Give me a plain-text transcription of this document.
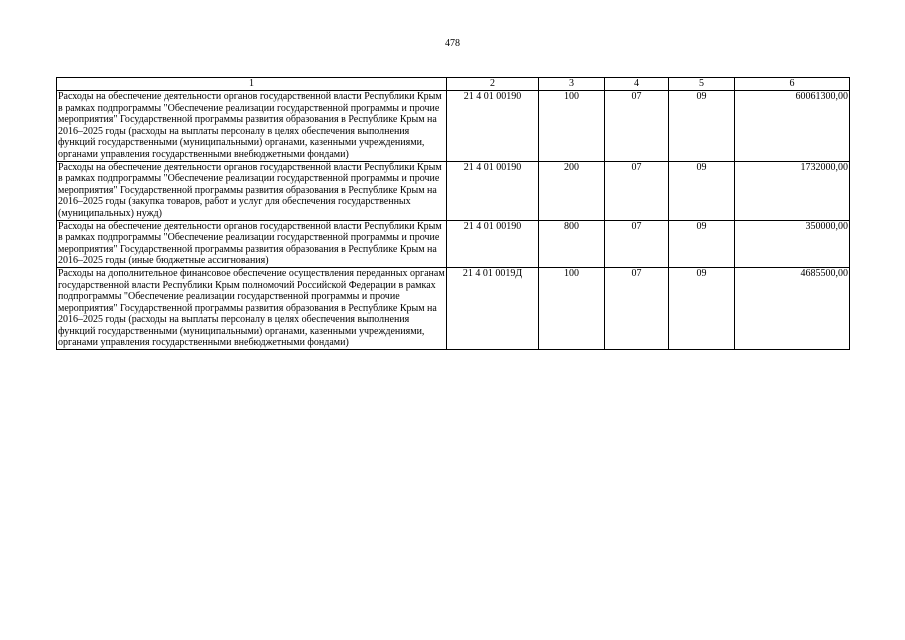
478
1	2	3	4	5	6
Расходы на обеспечение деятельности органов государственной власти Республики Крым в рамках подпрограммы "Обеспечение реализации государственной программы и прочие мероприятия" Государственной программы развития образования в Республике Крым на 2016–2025 годы (расходы на выплаты персоналу в целях обеспечения выполнения функций государственными (муниципальными) органами, казенными учреждениями, органами управления государственными внебюджетными фондами)	21 4 01 00190	100	07	09	60061300,00
Расходы на обеспечение деятельности органов государственной власти Республики Крым в рамках подпрограммы "Обеспечение реализации государственной программы и прочие мероприятия" Государственной программы развития образования в Республике Крым на 2016–2025 годы (закупка товаров, работ и услуг для обеспечения государственных (муниципальных) нужд)	21 4 01 00190	200	07	09	1732000,00
Расходы на обеспечение деятельности органов государственной власти Республики Крым в рамках подпрограммы "Обеспечение реализации государственной программы и прочие мероприятия" Государственной программы развития образования в Республике Крым на 2016–2025 годы (иные бюджетные ассигнования)	21 4 01 00190	800	07	09	350000,00
Расходы на дополнительное финансовое обеспечение осуществления переданных органам государственной власти Республики Крым полномочий Российской Федерации в рамках подпрограммы "Обеспечение реализации государственной программы и прочие мероприятия" Государственной программы развития образования в Республике Крым на 2016–2025 годы (расходы на выплаты персоналу в целях обеспечения выполнения функций государственными (муниципальными) органами, казенными учреждениями, органами управления государственными внебюджетными фондами)	21 4 01 0019Д	100	07	09	4685500,00
